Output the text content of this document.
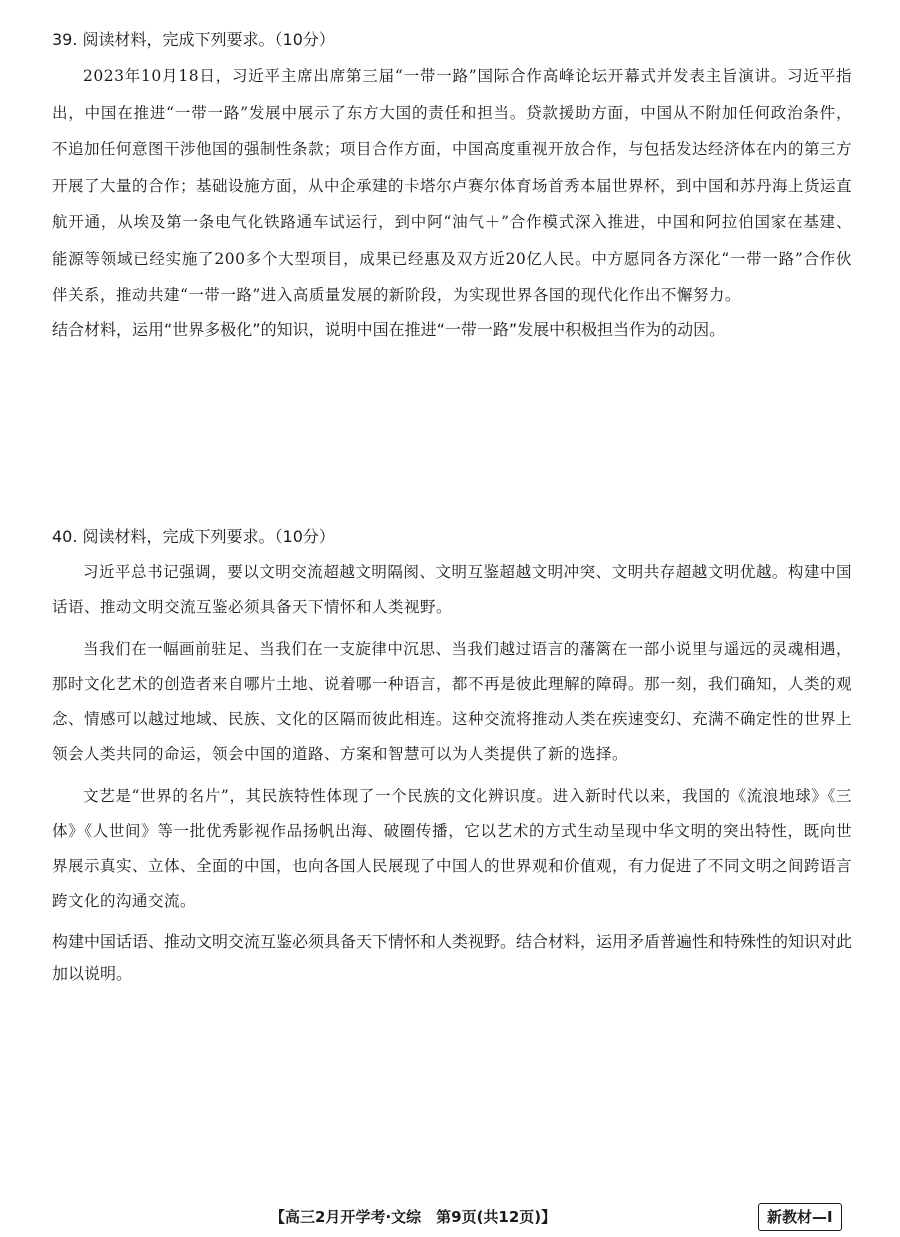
39. 阅读材料，完成下列要求。（10分）

2023年10月18日，习近平主席出席第三届“一带一路”国际合作高峰论坛开幕式并发表主旨演讲。习近平指出，中国在推进“一带一路”发展中展示了东方大国的责任和担当。贷款援助方面，中国从不附加任何政治条件，不追加任何意图干涉他国的强制性条款；项目合作方面，中国高度重视开放合作，与包括发达经济体在内的第三方开展了大量的合作；基础设施方面，从中企承建的卡塔尔卢赛尔体育场首秀本届世界杯，到中国和苏丹海上货运直航开通，从埃及第一条电气化铁路通车试运行，到中阿“油气＋”合作模式深入推进，中国和阿拉伯国家在基建、能源等领域已经实施了200多个大型项目，成果已经惠及双方近20亿人民。中方愿同各方深化“一带一路”合作伙伴关系，推动共建“一带一路”进入高质量发展的新阶段，为实现世界各国的现代化作出不懈努力。

结合材料，运用“世界多极化”的知识，说明中国在推进“一带一路”发展中积极担当作为的动因。

40. 阅读材料，完成下列要求。（10分）

习近平总书记强调，要以文明交流超越文明隔阂、文明互鉴超越文明冲突、文明共存超越文明优越。构建中国话语、推动文明交流互鉴必须具备天下情怀和人类视野。

当我们在一幅画前驻足、当我们在一支旋律中沉思、当我们越过语言的藩篱在一部小说里与遥远的灵魂相遇，那时文化艺术的创造者来自哪片土地、说着哪一种语言，都不再是彼此理解的障碍。那一刻，我们确知，人类的观念、情感可以越过地域、民族、文化的区隔而彼此相连。这种交流将推动人类在疾速变幻、充满不确定性的世界上领会人类共同的命运，领会中国的道路、方案和智慧可以为人类提供了新的选择。

文艺是“世界的名片”，其民族特性体现了一个民族的文化辨识度。进入新时代以来，我国的《流浪地球》《三体》《人世间》等一批优秀影视作品扬帆出海、破圈传播，它以艺术的方式生动呈现中华文明的突出特性，既向世界展示真实、立体、全面的中国，也向各国人民展现了中国人的世界观和价值观，有力促进了不同文明之间跨语言跨文化的沟通交流。

构建中国话语、推动文明交流互鉴必须具备天下情怀和人类视野。结合材料，运用矛盾普遍性和特殊性的知识对此加以说明。

【高三2月开学考·文综　第9页(共12页)】	新教材—I
